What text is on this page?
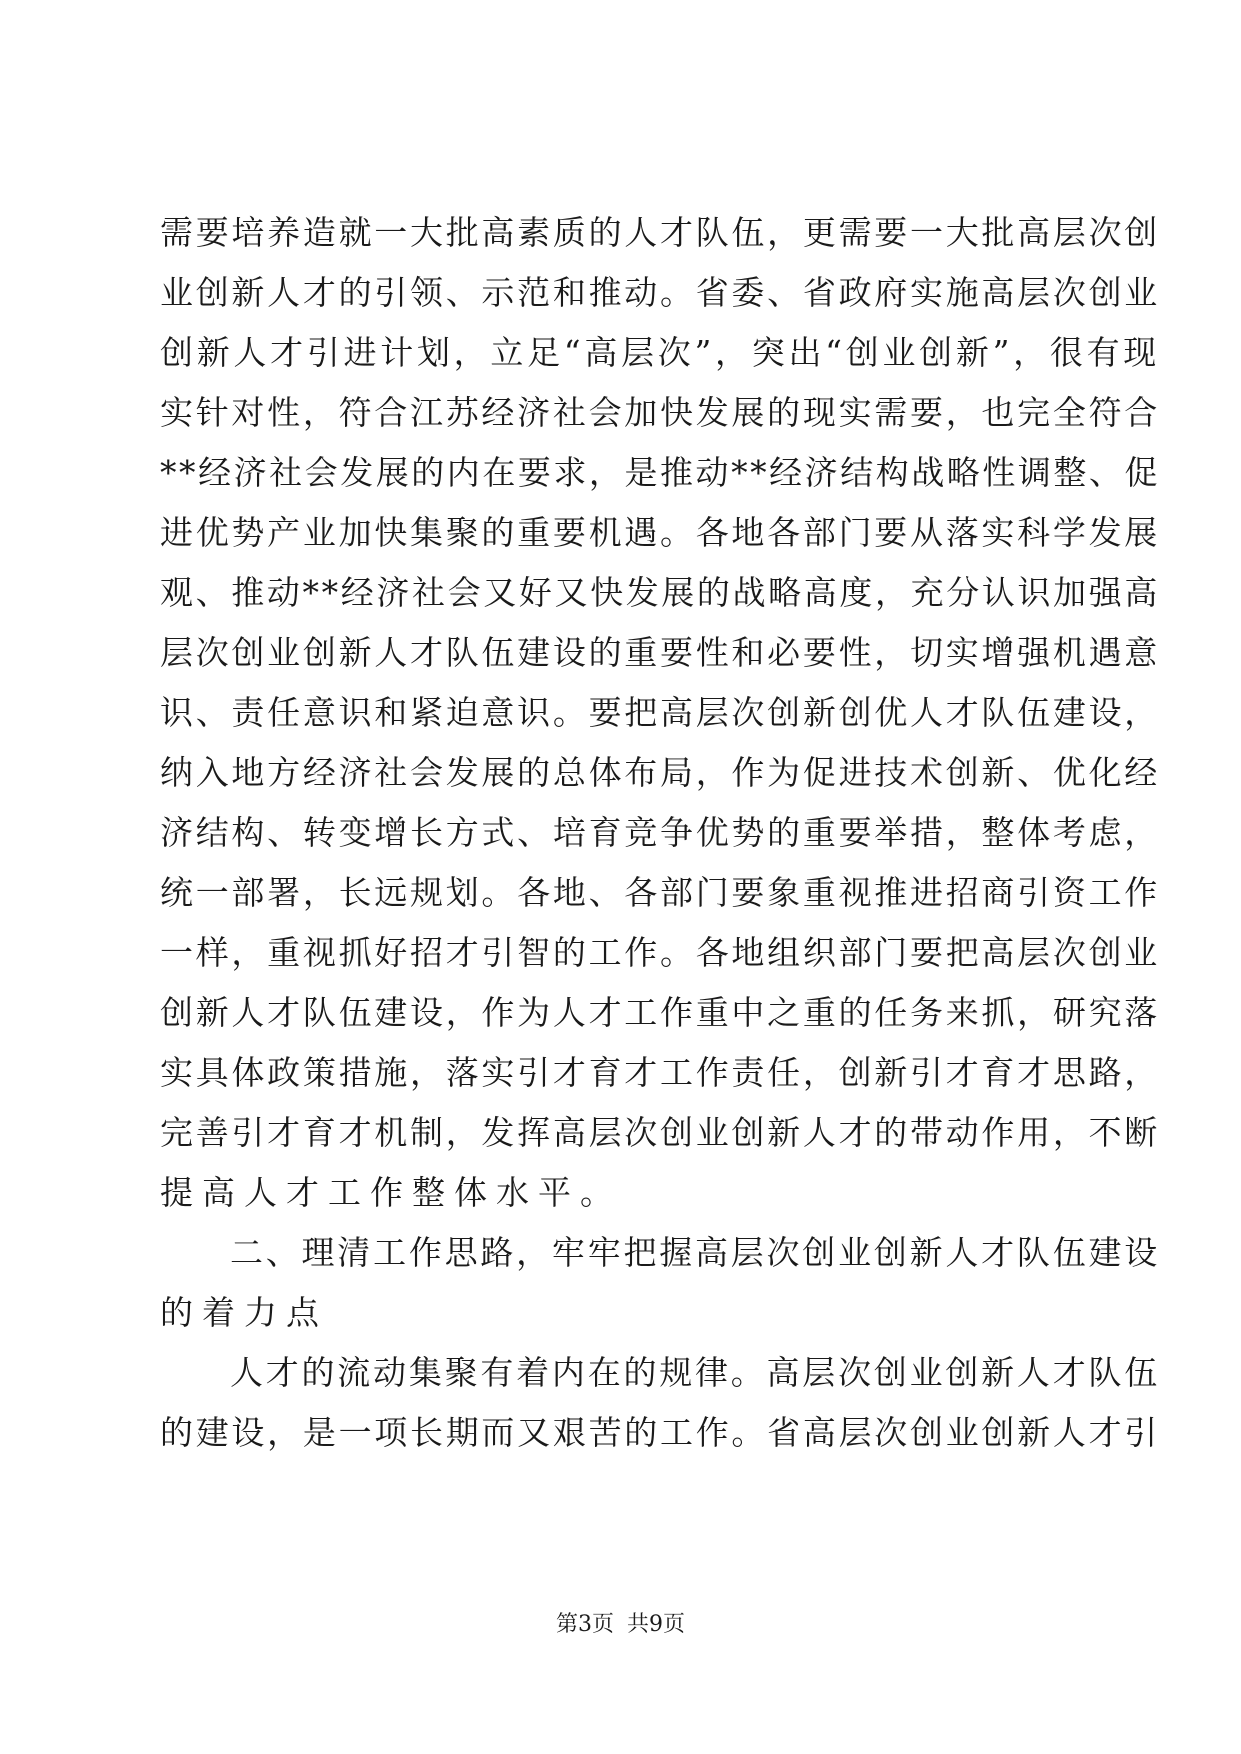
需要培养造就一大批高素质的人才队伍，更需要一大批高层次创

业创新人才的引领、示范和推动。省委、省政府实施高层次创业

创新人才引进计划，立足“高层次”，突出“创业创新”，很有现

实针对性，符合江苏经济社会加快发展的现实需要，也完全符合

**经济社会发展的内在要求，是推动**经济结构战略性调整、促

进优势产业加快集聚的重要机遇。各地各部门要从落实科学发展

观、推动**经济社会又好又快发展的战略高度，充分认识加强高

层次创业创新人才队伍建设的重要性和必要性，切实增强机遇意

识、责任意识和紧迫意识。要把高层次创新创优人才队伍建设，

纳入地方经济社会发展的总体布局，作为促进技术创新、优化经

济结构、转变增长方式、培育竞争优势的重要举措，整体考虑，

统一部署，长远规划。各地、各部门要象重视推进招商引资工作

一样，重视抓好招才引智的工作。各地组织部门要把高层次创业

创新人才队伍建设，作为人才工作重中之重的任务来抓，研究落

实具体政策措施，落实引才育才工作责任，创新引才育才思路，

完善引才育才机制，发挥高层次创业创新人才的带动作用，不断

提高人才工作整体水平。

二、理清工作思路，牢牢把握高层次创业创新人才队伍建设

的着力点

人才的流动集聚有着内在的规律。高层次创业创新人才队伍

的建设，是一项长期而又艰苦的工作。省高层次创业创新人才引

第3页 共9页
